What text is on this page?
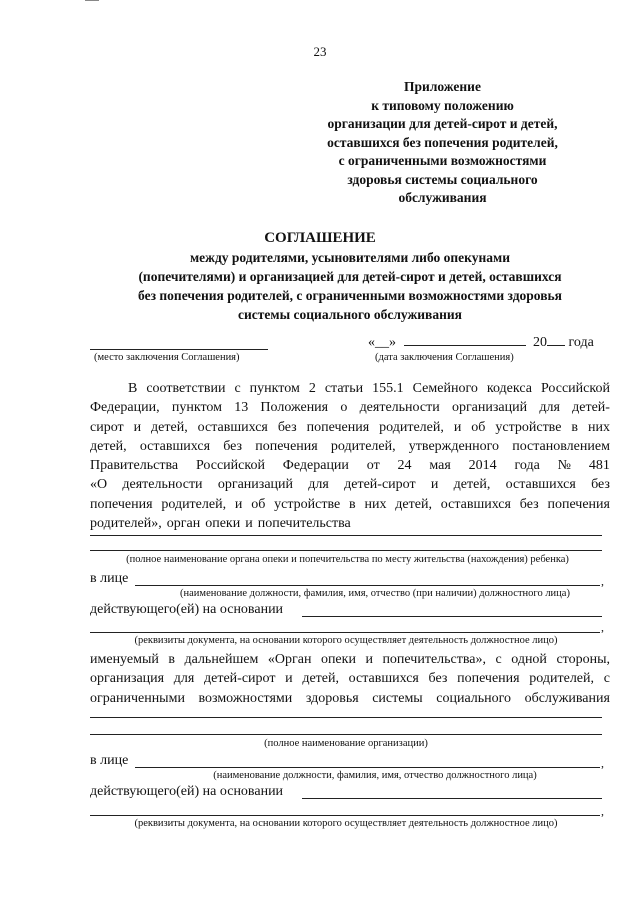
23
Приложение
к типовому положению
организации для детей-сирот и детей,
оставшихся без попечения родителей,
с ограниченными возможностями
здоровья системы социального
обслуживания
СОГЛАШЕНИЕ
между родителями, усыновителями либо опекунами
(попечителями) и организацией для детей-сирот и детей, оставшихся
без попечения родителей, с ограниченными возможностями здоровья
системы социального обслуживания
(место заключения Соглашения)
«__»	20 года
(дата заключения Соглашения)
В соответствии с пунктом 2 статьи 155.1 Семейного кодекса Российской
Федерации, пунктом 13 Положения о деятельности организаций для детей-
сирот и детей, оставшихся без попечения родителей, и об устройстве в них
детей, оставшихся без попечения родителей, утвержденного постановлением
Правительства Российской Федерации от 24 мая 2014 года № 481
«О деятельности организаций для детей-сирот и детей, оставшихся без
попечения родителей, и об устройстве в них детей, оставшихся без попечения
родителей», орган опеки и попечительства
(полное наименование органа опеки и попечительства по месту жительства (нахождения) ребенка)
в лице	,
(наименование должности, фамилия, имя, отчество (при наличии) должностного лица)
действующего(ей) на основании
,
(реквизиты документа, на основании которого осуществляет деятельность должностное лицо)
именуемый в дальнейшем «Орган опеки и попечительства», с одной стороны,
организация для детей-сирот и детей, оставшихся без попечения родителей, с
ограниченными возможностями здоровья системы социального обслуживания
(полное наименование организации)
в лице	,
(наименование должности, фамилия, имя, отчество должностного лица)
действующего(ей) на основании
,
(реквизиты документа, на основании которого осуществляет деятельность должностное лицо)
